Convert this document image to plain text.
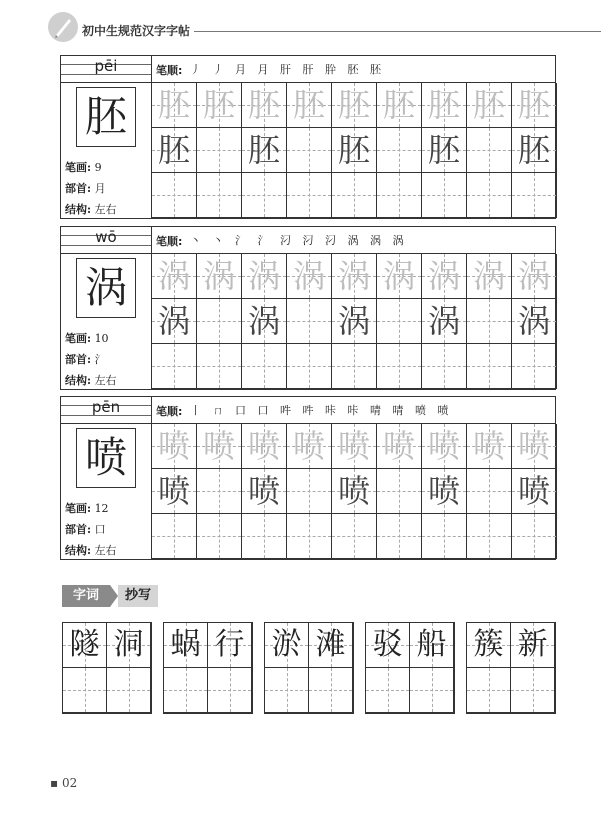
初中生规范汉字字帖
pēi
胚
笔画: 9
部首: 月
结构: 左右
笔顺: 丿 丿 月 月 肝 肝 肸 胚 胚
胚 胚 胚 胚 胚 胚 胚 胚 胚
胚 胚 胚 胚 胚
wō
涡
笔画: 10
部首: 氵
结构: 左右
笔顺: 丶 丶 氵 氵 汈 汈 汈 涡 涡 涡
涡 涡 涡 涡 涡 涡 涡 涡 涡
涡 涡 涡 涡 涡
pēn
喷
笔画: 12
部首: 口
结构: 左右
笔顺: 丨 ㄇ 口 口 吽 吽 咔 咔 啨 啨 喷 喷
喷 喷 喷 喷 喷 喷 喷 喷 喷
喷 喷 喷 喷 喷
字词	抄写
隧 洞 蜗 行 淤 滩 驳 船 簇 新
▪ 02
